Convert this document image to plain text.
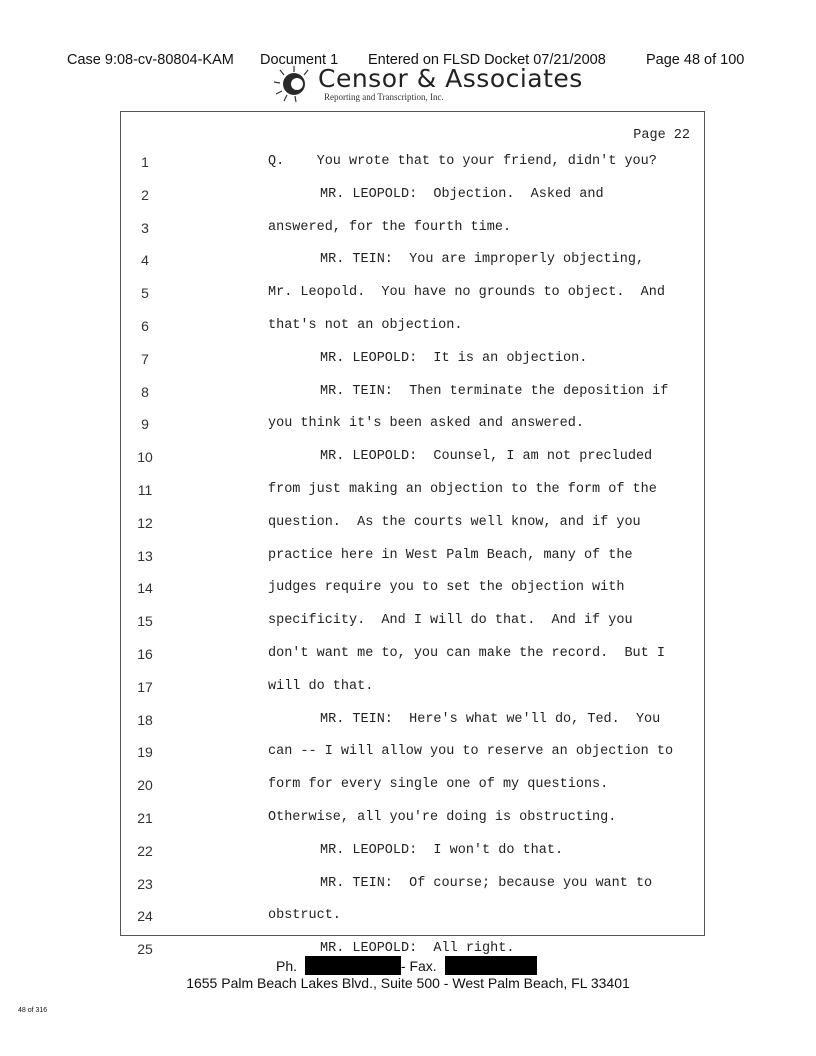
Case 9:08-cv-80804-KAM Document 1 Entered on FLSD Docket 07/21/2008	Page 48 of 100
Censor & Associates
Reporting and Transcription, Inc.
Page 22
1	Q.    You wrote that to your friend, didn't you?
2	MR. LEOPOLD:  Objection.  Asked and
3	answered, for the fourth time.
4	MR. TEIN:  You are improperly objecting,
5	Mr. Leopold.  You have no grounds to object.  And
6	that's not an objection.
7	MR. LEOPOLD:  It is an objection.
8	MR. TEIN:  Then terminate the deposition if
9	you think it's been asked and answered.
10	MR. LEOPOLD:  Counsel, I am not precluded
11	from just making an objection to the form of the
12	question.  As the courts well know, and if you
13	practice here in West Palm Beach, many of the
14	judges require you to set the objection with
15	specificity.  And I will do that.  And if you
16	don't want me to, you can make the record.  But I
17	will do that.
18	MR. TEIN:  Here's what we'll do, Ted.  You
19	can -- I will allow you to reserve an objection to
20	form for every single one of my questions.
21	Otherwise, all you're doing is obstructing.
22	MR. LEOPOLD:  I won't do that.
23	MR. TEIN:  Of course; because you want to
24	obstruct.
25	MR. LEOPOLD:  All right.
Ph.	- Fax.
1655 Palm Beach Lakes Blvd., Suite 500 - West Palm Beach, FL 33401
48 of 316
